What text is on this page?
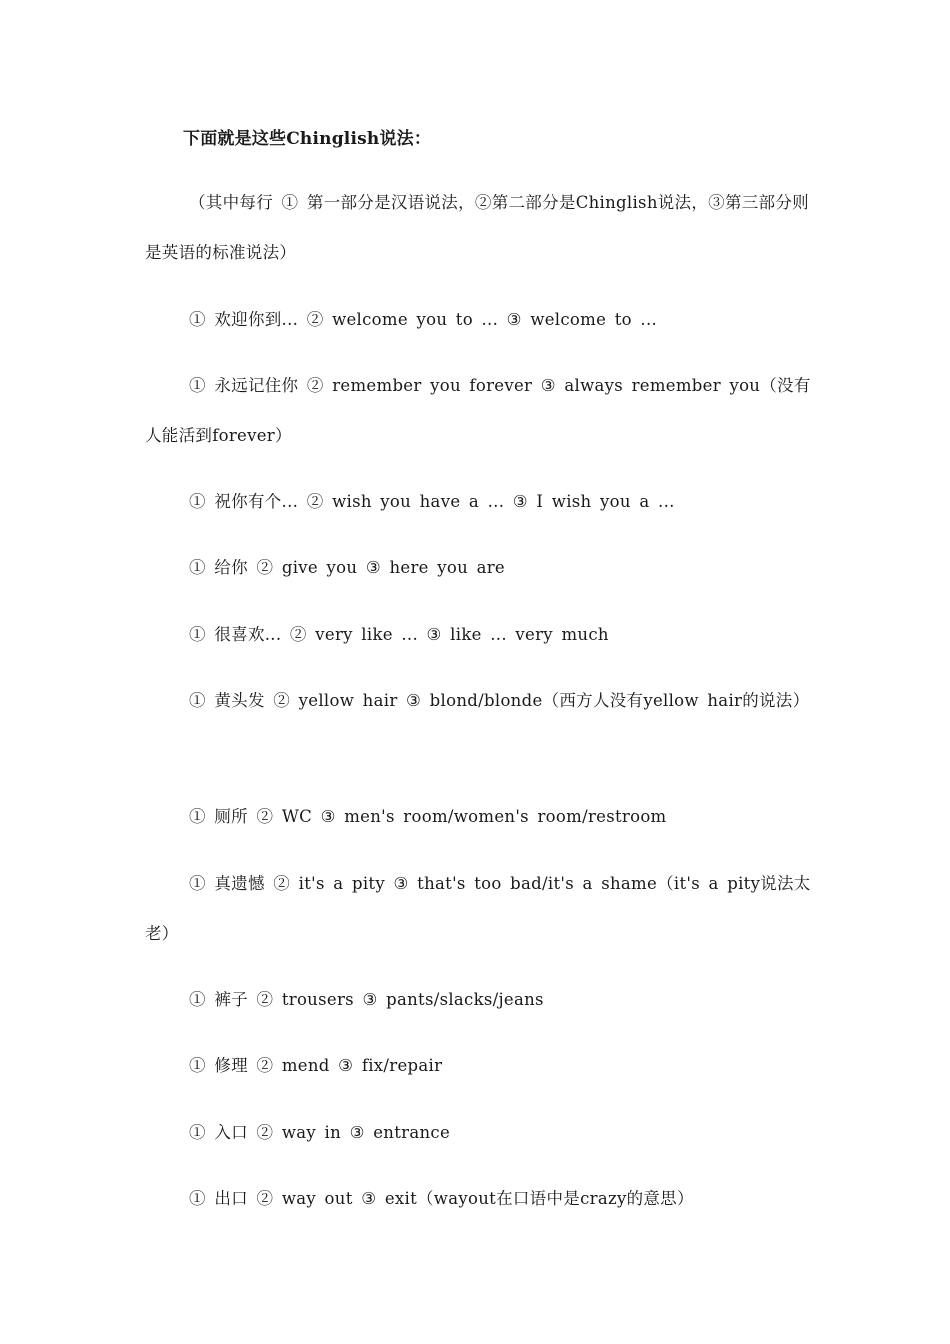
下面就是这些Chinglish说法：
（其中每行 ① 第一部分是汉语说法，②第二部分是Chinglish说法，③第三部分则是英语的标准说法）
① 欢迎你到... ② welcome you to ... ③ welcome to ...
① 永远记住你 ② remember you forever ③ always remember you（没有人能活到forever）
① 祝你有个... ② wish you have a ... ③ I wish you a ...
① 给你 ② give you ③ here you are
① 很喜欢... ② very like ... ③ like ... very much
① 黄头发 ② yellow hair ③ blond/blonde（西方人没有yellow hair的说法）
① 厕所 ② WC ③ men's room/women's room/restroom
① 真遗憾 ② it's a pity ③ that's too bad/it's a shame（it's a pity说法太老）
① 裤子 ② trousers ③ pants/slacks/jeans
① 修理 ② mend ③ fix/repair
① 入口 ② way in ③ entrance
① 出口 ② way out ③ exit（wayout在口语中是crazy的意思）
